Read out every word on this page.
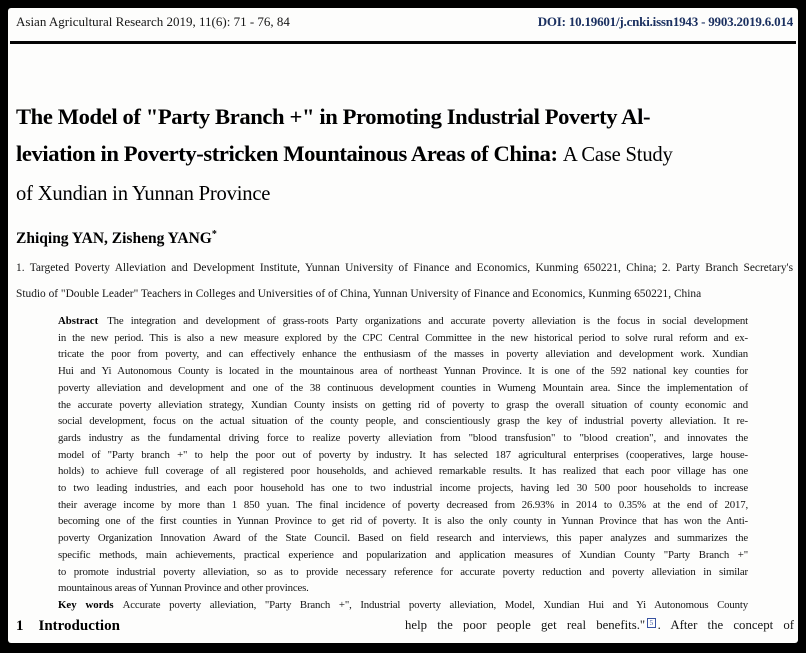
Asian Agricultural Research 2019, 11(6): 71 - 76, 84	DOI: 10.19601/j.cnki.issn1943 - 9903.2019.6.014
The Model of "Party Branch +" in Promoting Industrial Poverty Al-
leviation in Poverty-stricken Mountainous Areas of China: A Case Study
of Xundian in Yunnan Province
Zhiqing YAN, Zisheng YANG*
1. Targeted Poverty Alleviation and Development Institute, Yunnan University of Finance and Economics, Kunming 650221, China; 2. Party Branch Secretary's
Studio of "Double Leader" Teachers in Colleges and Universities of of China, Yunnan University of Finance and Economics, Kunming 650221, China
Abstract The integration and development of grass-roots Party organizations and accurate poverty alleviation is the focus in social development
in the new period. This is also a new measure explored by the CPC Central Committee in the new historical period to solve rural reform and ex-
tricate the poor from poverty, and can effectively enhance the enthusiasm of the masses in poverty alleviation and development work. Xundian
Hui and Yi Autonomous County is located in the mountainous area of northeast Yunnan Province. It is one of the 592 national key counties for
poverty alleviation and development and one of the 38 continuous development counties in Wumeng Mountain area. Since the implementation of
the accurate poverty alleviation strategy, Xundian County insists on getting rid of poverty to grasp the overall situation of county economic and
social development, focus on the actual situation of the county people, and conscientiously grasp the key of industrial poverty alleviation. It re-
gards industry as the fundamental driving force to realize poverty alleviation from "blood transfusion" to "blood creation", and innovates the
model of "Party branch +" to help the poor out of poverty by industry. It has selected 187 agricultural enterprises (cooperatives, large house-
holds) to achieve full coverage of all registered poor households, and achieved remarkable results. It has realized that each poor village has one
to two leading industries, and each poor household has one to two industrial income projects, having led 30 500 poor households to increase
their average income by more than 1 850 yuan. The final incidence of poverty decreased from 26.93% in 2014 to 0.35% at the end of 2017,
becoming one of the first counties in Yunnan Province to get rid of poverty. It is also the only county in Yunnan Province that has won the Anti-
poverty Organization Innovation Award of the State Council. Based on field research and interviews, this paper analyzes and summarizes the
specific methods, main achievements, practical experience and popularization and application measures of Xundian County "Party Branch +"
to promote industrial poverty alleviation, so as to provide necessary reference for accurate poverty reduction and poverty alleviation in similar
mountainous areas of Yunnan Province and other provinces.
Key words Accurate poverty alleviation, "Party Branch +", Industrial poverty alleviation, Model, Xundian Hui and Yi Autonomous County
1 Introduction	help the poor people get real benefits." 5 . After the concept of
